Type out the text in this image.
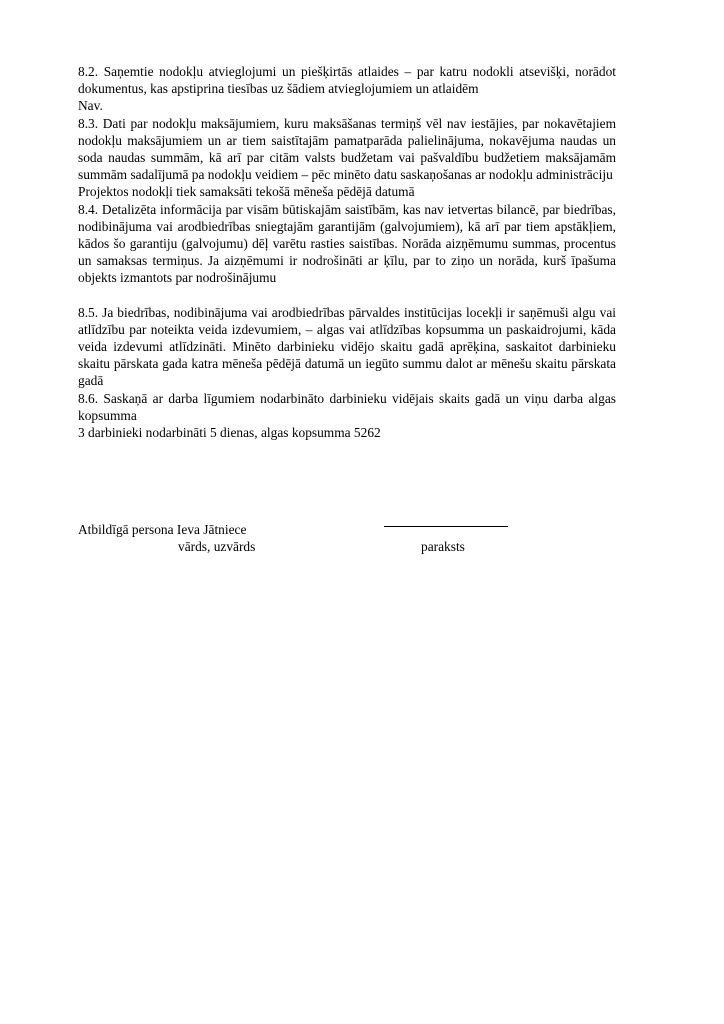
8.2. Saņemtie nodokļu atvieglojumi un piešķirtās atlaides – par katru nodokli atsevišķi, norādot dokumentus, kas apstiprina tiesības uz šādiem atvieglojumiem un atlaidēm

Nav.

8.3. Dati par nodokļu maksājumiem, kuru maksāšanas termiņš vēl nav iestājies, par nokavētajiem nodokļu maksājumiem un ar tiem saistītajām pamatparāda palielinājuma, nokavējuma naudas un soda naudas summām, kā arī par citām valsts budžetam vai pašvaldību budžetiem maksājamām summām sadalījumā pa nodokļu veidiem – pēc minēto datu saskaņošanas ar nodokļu administrāciju

Projektos nodokļi tiek samaksāti tekošā mēneša pēdējā datumā

8.4. Detalizēta informācija par visām būtiskajām saistībām, kas nav ietvertas bilancē, par biedrības, nodibinājuma vai arodbiedrības sniegtajām garantijām (galvojumiem), kā arī par tiem apstākļiem, kādos šo garantiju (galvojumu) dēļ varētu rasties saistības. Norāda aizņēmumu summas, procentus un samaksas termiņus. Ja aizņēmumi ir nodrošināti ar ķīlu, par to ziņo un norāda, kurš īpašuma objekts izmantots par nodrošinājumu

8.5. Ja biedrības, nodibinājuma vai arodbiedrības pārvaldes institūcijas locekļi ir saņēmuši algu vai atlīdzību par noteikta veida izdevumiem, – algas vai atlīdzības kopsumma un paskaidrojumi, kāda veida izdevumi atlīdzināti. Minēto darbinieku vidējo skaitu gadā aprēķina, saskaitot darbinieku skaitu pārskata gada katra mēneša pēdējā datumā un iegūto summu dalot ar mēnešu skaitu pārskata gadā

8.6. Saskaņā ar darba līgumiem nodarbināto darbinieku vidējais skaits gadā un viņu darba algas kopsumma

3 darbinieki nodarbināti 5 dienas, algas kopsumma 5262

Atbildīgā persona Ieva Jātniece
vārds, uzvārds	paraksts
